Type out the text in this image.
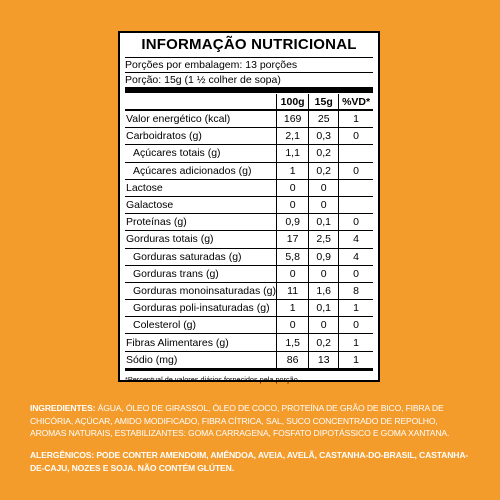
INFORMAÇÃO NUTRICIONAL
Porções por embalagem: 13 porções
Porção: 15g (1 ½ colher de sopa)
	100g	15g	%VD*
Valor energético (kcal)	169	25	1
Carboidratos (g)	2,1	0,3	0
Açúcares totais (g)	1,1	0,2	
Açúcares adicionados (g)	1	0,2	0
Lactose	0	0	
Galactose	0	0	
Proteínas (g)	0,9	0,1	0
Gorduras totais (g)	17	2,5	4
Gorduras saturadas (g)	5,8	0,9	4
Gorduras trans (g)	0	0	0
Gorduras monoinsaturadas (g)	11	1,6	8
Gorduras poli-insaturadas (g)	1	0,1	1
Colesterol (g)	0	0	0
Fibras Alimentares (g)	1,5	0,2	1
Sódio (mg)	86	13	1
*Percentual de valores diários fornecidos pela porção.
INGREDIENTES: ÁGUA, ÓLEO DE GIRASSOL, ÓLEO DE COCO, PROTEÍNA DE GRÃO DE BICO, FIBRA DE CHICÓRIA, AÇÚCAR, AMIDO MODIFICADO, FIBRA CÍTRICA, SAL, SUCO CONCENTRADO DE REPOLHO, AROMAS NATURAIS, ESTABILIZANTES: GOMA CARRAGENA, FOSFATO DIPOTÁSSICO E GOMA XANTANA.
ALERGÊNICOS: PODE CONTER AMENDOIM, AMÊNDOA, AVEIA, AVELÃ, CASTANHA-DO-BRASIL, CASTANHA-DE-CAJU, NOZES E SOJA. NÃO CONTÉM GLÚTEN.
